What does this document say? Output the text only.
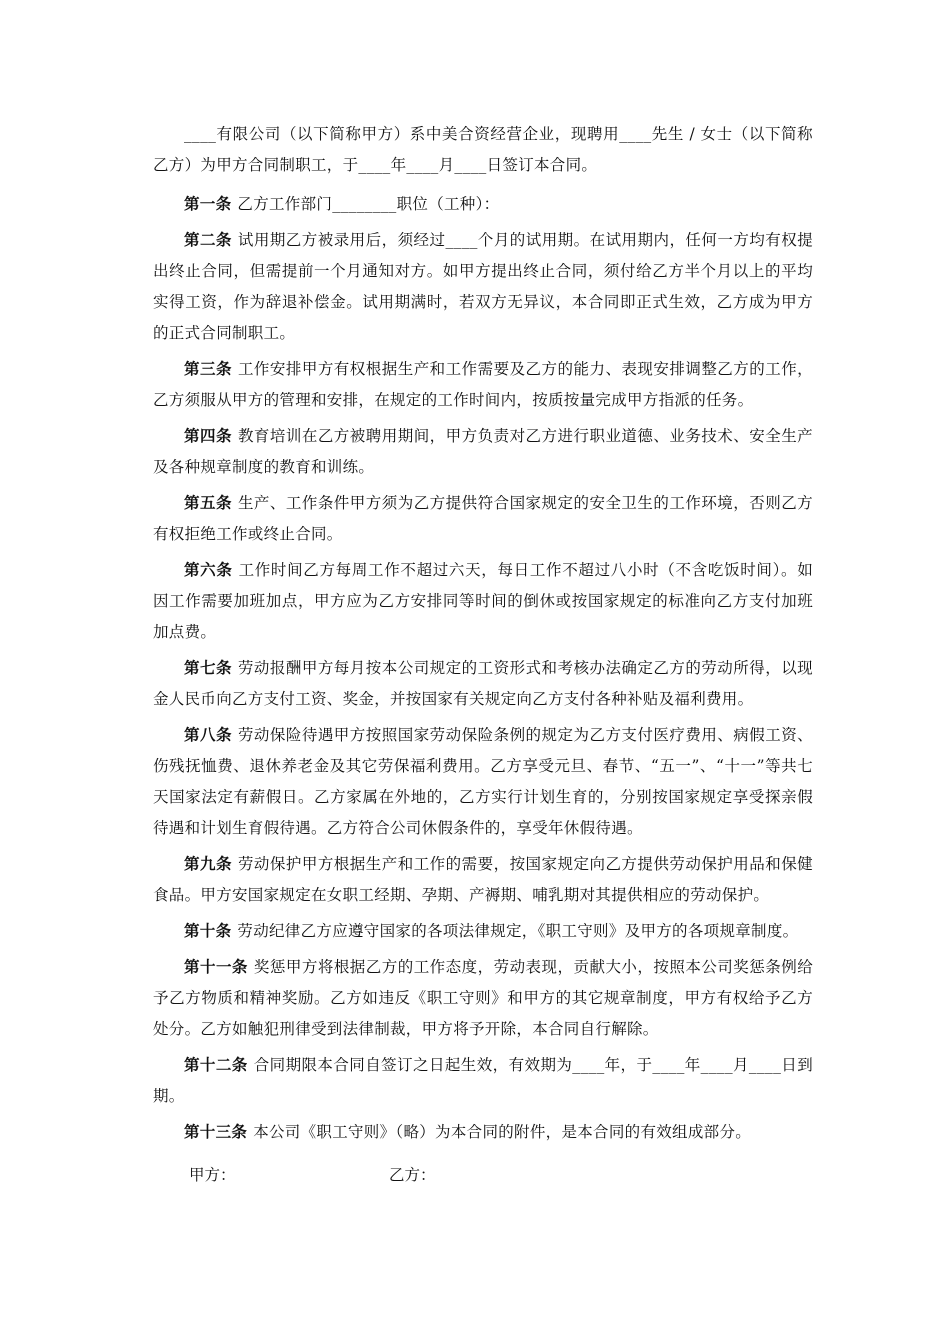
____有限公司（以下简称甲方）系中美合资经营企业，现聘用____先生 / 女士（以下简称乙方）为甲方合同制职工，于____年____月____日签订本合同。

第一条 乙方工作部门________职位（工种）：

第二条 试用期乙方被录用后，须经过____个月的试用期。在试用期内，任何一方均有权提出终止合同，但需提前一个月通知对方。如甲方提出终止合同，须付给乙方半个月以上的平均实得工资，作为辞退补偿金。试用期满时，若双方无异议，本合同即正式生效，乙方成为甲方的正式合同制职工。

第三条 工作安排甲方有权根据生产和工作需要及乙方的能力、表现安排调整乙方的工作，乙方须服从甲方的管理和安排，在规定的工作时间内，按质按量完成甲方指派的任务。

第四条 教育培训在乙方被聘用期间，甲方负责对乙方进行职业道德、业务技术、安全生产及各种规章制度的教育和训练。

第五条 生产、工作条件甲方须为乙方提供符合国家规定的安全卫生的工作环境，否则乙方有权拒绝工作或终止合同。

第六条 工作时间乙方每周工作不超过六天，每日工作不超过八小时（不含吃饭时间）。如因工作需要加班加点，甲方应为乙方安排同等时间的倒休或按国家规定的标准向乙方支付加班加点费。

第七条 劳动报酬甲方每月按本公司规定的工资形式和考核办法确定乙方的劳动所得，以现金人民币向乙方支付工资、奖金，并按国家有关规定向乙方支付各种补贴及福利费用。

第八条 劳动保险待遇甲方按照国家劳动保险条例的规定为乙方支付医疗费用、病假工资、伤残抚恤费、退休养老金及其它劳保福利费用。乙方享受元旦、春节、“五一”、“十一”等共七天国家法定有薪假日。乙方家属在外地的，乙方实行计划生育的，分别按国家规定享受探亲假待遇和计划生育假待遇。乙方符合公司休假条件的，享受年休假待遇。

第九条 劳动保护甲方根据生产和工作的需要，按国家规定向乙方提供劳动保护用品和保健食品。甲方安国家规定在女职工经期、孕期、产褥期、哺乳期对其提供相应的劳动保护。

第十条 劳动纪律乙方应遵守国家的各项法律规定，《职工守则》及甲方的各项规章制度。

第十一条 奖惩甲方将根据乙方的工作态度，劳动表现，贡献大小，按照本公司奖惩条例给予乙方物质和精神奖励。乙方如违反《职工守则》和甲方的其它规章制度，甲方有权给予乙方处分。乙方如触犯刑律受到法律制裁，甲方将予开除，本合同自行解除。

第十二条 合同期限本合同自签订之日起生效，有效期为____年，于____年____月____日到期。

第十三条 本公司《职工守则》（略）为本合同的附件，是本合同的有效组成部分。

甲方：	乙方：
